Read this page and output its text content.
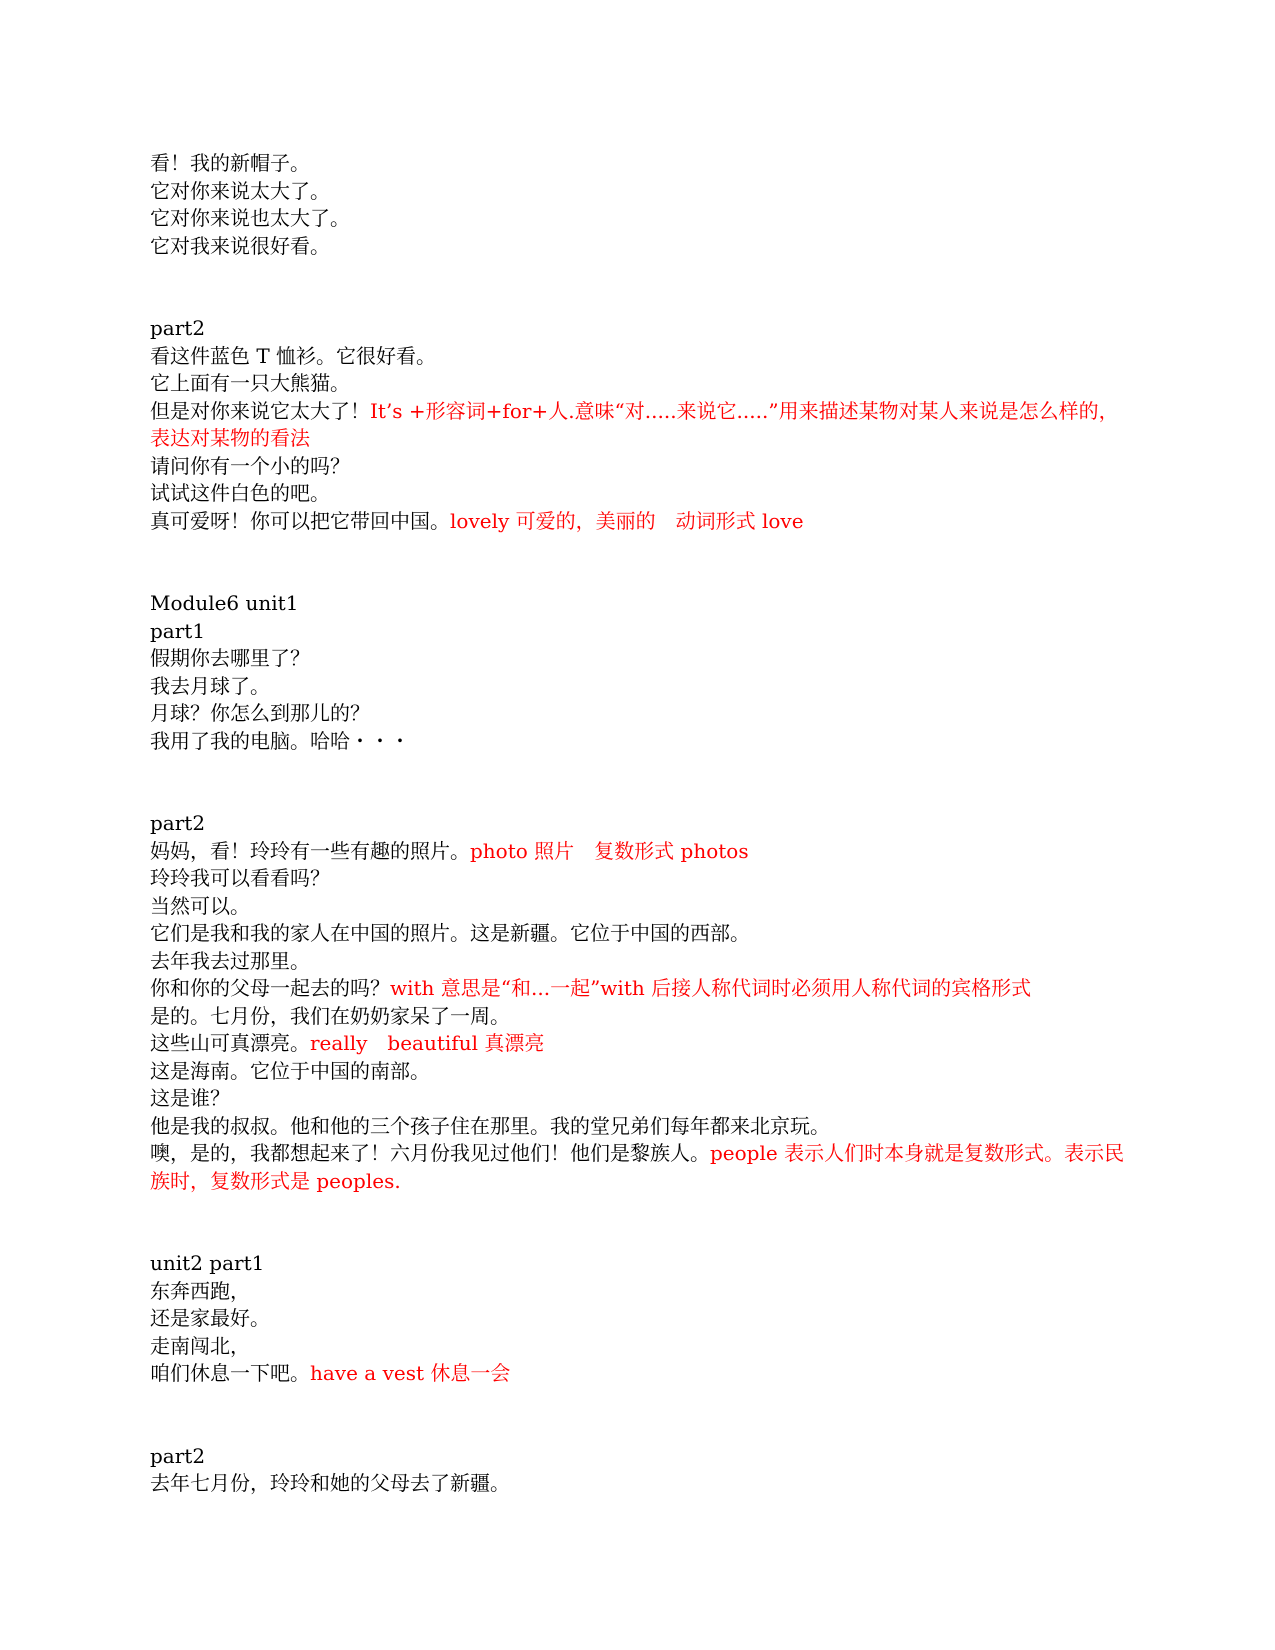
看！我的新帽子。

它对你来说太大了。

它对你来说也太大了。

它对我来说很好看。

part2

看这件蓝色 T 恤衫。它很好看。

它上面有一只大熊猫。

但是对你来说它太大了！It’s +形容词+for+人.意味“对.....来说它.....”用来描述某物对某人来说是怎么样的，表达对某物的看法

请问你有一个小的吗？

试试这件白色的吧。

真可爱呀！你可以把它带回中国。lovely 可爱的，美丽的　动词形式 love

Module6 unit1

part1

假期你去哪里了？

我去月球了。

月球？你怎么到那儿的？

我用了我的电脑。哈哈・・・

part2

妈妈，看！玲玲有一些有趣的照片。photo 照片　复数形式 photos

玲玲我可以看看吗？

当然可以。

它们是我和我的家人在中国的照片。这是新疆。它位于中国的西部。

去年我去过那里。

你和你的父母一起去的吗？with 意思是“和...一起”with 后接人称代词时必须用人称代词的宾格形式

是的。七月份，我们在奶奶家呆了一周。

这些山可真漂亮。really　beautiful 真漂亮

这是海南。它位于中国的南部。

这是谁？

他是我的叔叔。他和他的三个孩子住在那里。我的堂兄弟们每年都来北京玩。

噢，是的，我都想起来了！六月份我见过他们！他们是黎族人。people 表示人们时本身就是复数形式。表示民族时，复数形式是 peoples.

unit2 part1

东奔西跑，

还是家最好。

走南闯北，

咱们休息一下吧。have a vest 休息一会

part2

去年七月份，玲玲和她的父母去了新疆。
